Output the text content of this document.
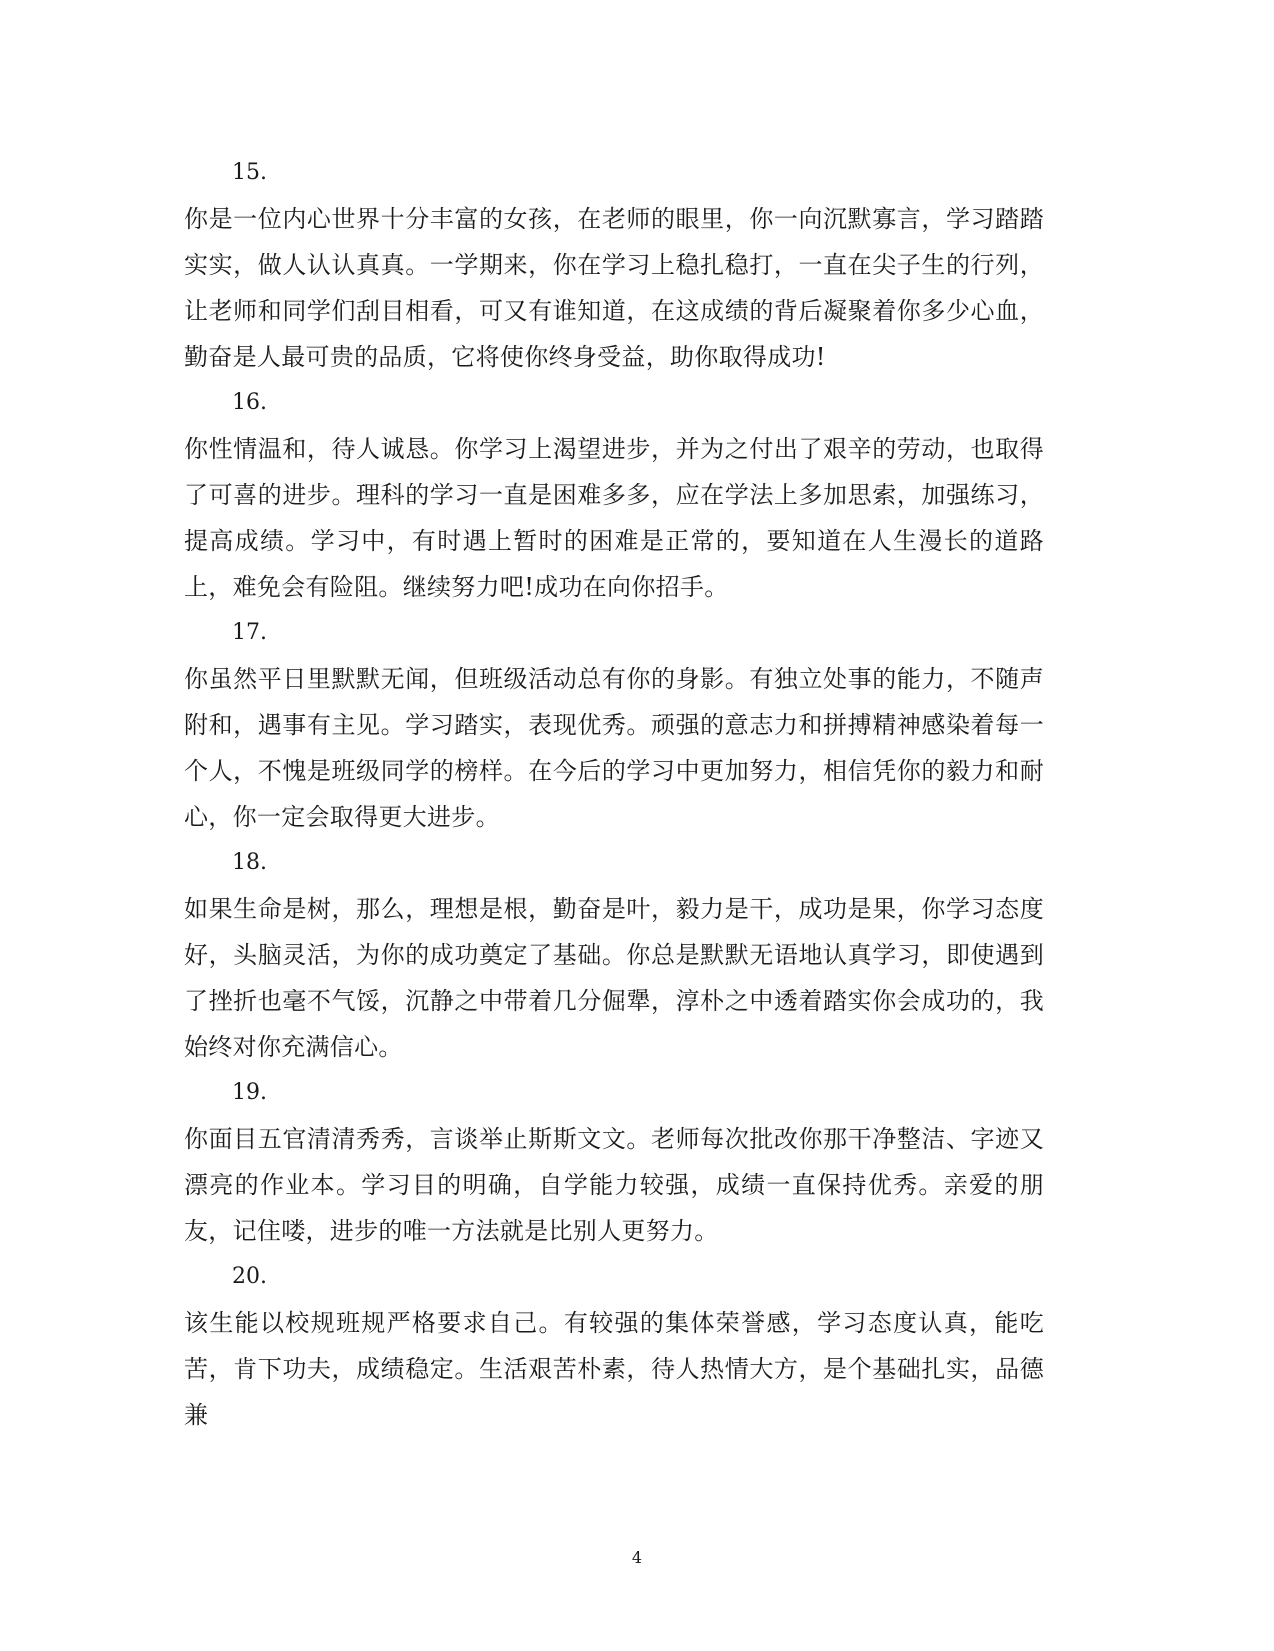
15.
你是一位内心世界十分丰富的女孩，在老师的眼里，你一向沉默寡言，学习踏踏实实，做人认认真真。一学期来，你在学习上稳扎稳打，一直在尖子生的行列，让老师和同学们刮目相看，可又有谁知道，在这成绩的背后凝聚着你多少心血，勤奋是人最可贵的品质，它将使你终身受益，助你取得成功!
16.
你性情温和，待人诚恳。你学习上渴望进步，并为之付出了艰辛的劳动，也取得了可喜的进步。理科的学习一直是困难多多，应在学法上多加思索，加强练习，提高成绩。学习中，有时遇上暂时的困难是正常的，要知道在人生漫长的道路上，难免会有险阻。继续努力吧!成功在向你招手。
17.
你虽然平日里默默无闻，但班级活动总有你的身影。有独立处事的能力，不随声附和，遇事有主见。学习踏实，表现优秀。顽强的意志力和拼搏精神感染着每一个人，不愧是班级同学的榜样。在今后的学习中更加努力，相信凭你的毅力和耐心，你一定会取得更大进步。
18.
如果生命是树，那么，理想是根，勤奋是叶，毅力是干，成功是果，你学习态度好，头脑灵活，为你的成功奠定了基础。你总是默默无语地认真学习，即使遇到了挫折也毫不气馁，沉静之中带着几分倔犟，淳朴之中透着踏实你会成功的，我始终对你充满信心。
19.
你面目五官清清秀秀，言谈举止斯斯文文。老师每次批改你那干净整洁、字迹又漂亮的作业本。学习目的明确，自学能力较强，成绩一直保持优秀。亲爱的朋友，记住喽，进步的唯一方法就是比别人更努力。
20.
该生能以校规班规严格要求自己。有较强的集体荣誉感，学习态度认真，能吃苦，肯下功夫，成绩稳定。生活艰苦朴素，待人热情大方，是个基础扎实，品德兼
4
